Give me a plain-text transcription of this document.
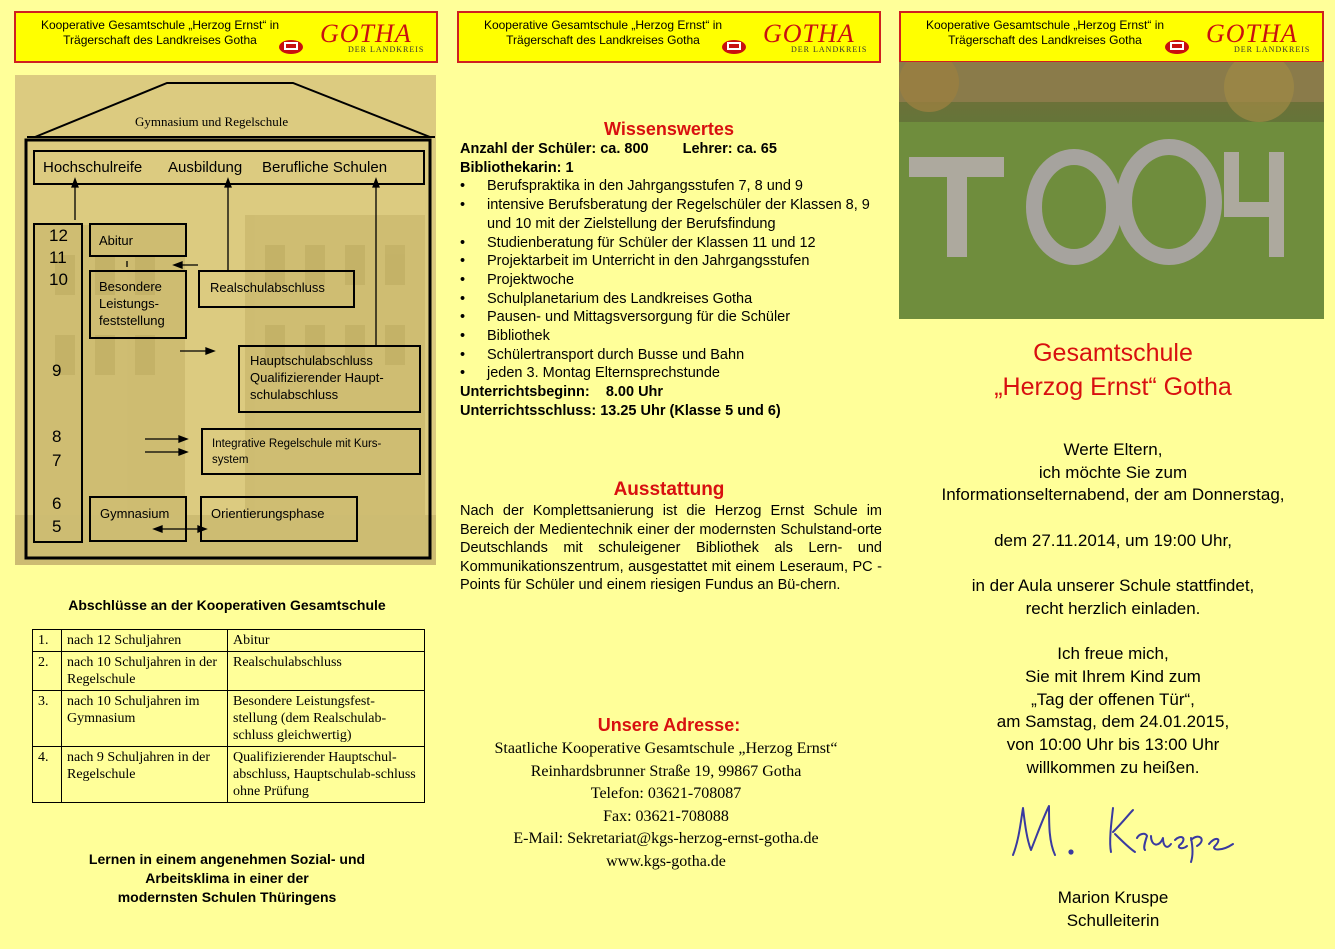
Kooperative Gesamtschule „Herzog Ernst“ in
Trägerschaft des Landkreises Gotha	GOTHA
DER LANDKREIS
Kooperative Gesamtschule „Herzog Ernst“ in
Trägerschaft des Landkreises Gotha	GOTHA
DER LANDKREIS
Kooperative Gesamtschule „Herzog Ernst“ in
Trägerschaft des Landkreises Gotha	GOTHA
DER LANDKREIS
Gymnasium und Regelschule
Hochschulreife Ausbildung Berufliche Schulen
12
11
10
9
8
7
6
5
Abitur
Besondere
Leistungs-
feststellung
Realschulabschluss
Hauptschulabschluss
Qualifizierender Haupt-
schulabschluss
Integrative Regelschule mit Kurs-
system
Gymnasium	Orientierungsphase
Abschlüsse an der Kooperativen Gesamtschule
1.	nach 12 Schuljahren	Abitur
2.	nach 10 Schuljahren in der Regelschule	Realschulabschluss
3.	nach 10 Schuljahren im Gymnasium	Besondere Leistungsfest-stellung (dem Realschulab-schluss gleichwertig)
4.	nach 9 Schuljahren in der Regelschule	Qualifizierender Hauptschul-abschluss, Hauptschulab-schluss ohne Prüfung
Lernen in einem angenehmen Sozial- und
Arbeitsklima in einer der
modernsten Schulen Thüringens
Wissenswertes
Anzahl der Schüler: ca. 800 Lehrer: ca. 65
Bibliothekarin: 1
• Berufspraktika in den Jahrgangsstufen 7, 8 und 9
• intensive Berufsberatung der Regelschüler der Klassen 8, 9 und 10 mit der Zielstellung der Berufsfindung
• Studienberatung für Schüler der Klassen 11 und 12
• Projektarbeit im Unterricht in den Jahrgangsstufen
• Projektwoche
• Schulplanetarium des Landkreises Gotha
• Pausen- und Mittagsversorgung für die Schüler
• Bibliothek
• Schülertransport durch Busse und Bahn
• jeden 3. Montag Elternsprechstunde
Unterrichtsbeginn:    8.00 Uhr
Unterrichtsschluss: 13.25 Uhr (Klasse 5 und 6)
Ausstattung
Nach der Komplettsanierung ist die Herzog Ernst Schule im Bereich der Medientechnik einer der modernsten Schulstand-orte Deutschlands mit schuleigener Bibliothek als Lern- und Kommunikationszentrum, ausgestattet mit einem Leseraum, PC - Points für Schüler und einem riesigen Fundus an Bü-chern.
Unsere Adresse:
Staatliche Kooperative Gesamtschule „Herzog Ernst“
Reinhardsbrunner Straße 19, 99867 Gotha
Telefon: 03621-708087
Fax: 03621-708088
E-Mail: Sekretariat@kgs-herzog-ernst-gotha.de
www.kgs-gotha.de
Gesamtschule
„Herzog Ernst“ Gotha
Werte Eltern,
ich möchte Sie zum
Informationselternabend, der am Donnerstag,
dem 27.11.2014, um 19:00 Uhr,
in der Aula unserer Schule stattfindet,
recht herzlich einladen.
Ich freue mich,
Sie mit Ihrem Kind zum
„Tag der offenen Tür“,
am Samstag, dem 24.01.2015,
von 10:00 Uhr bis 13:00 Uhr
willkommen zu heißen.
Marion Kruspe
Schulleiterin
